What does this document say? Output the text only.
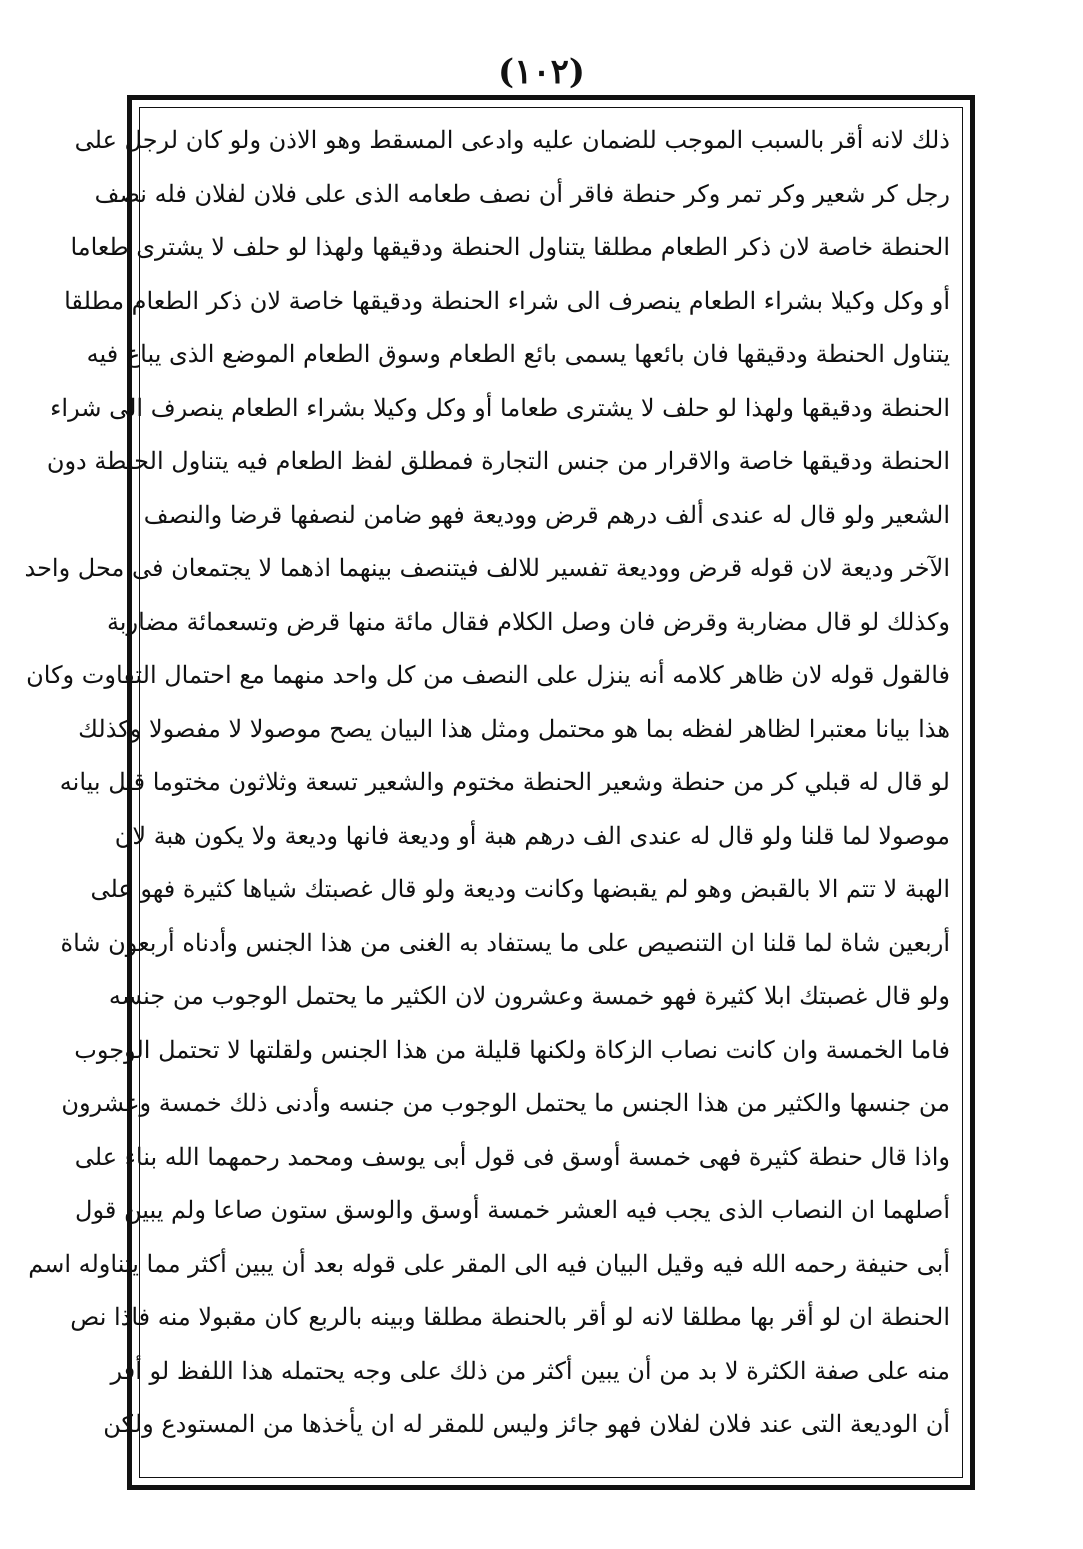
(١٠٢)
ذلك لانه أقر بالسبب الموجب للضمان عليه وادعى المسقط وهو الاذن ولو كان لرجل على
رجل كر شعير وكر تمر وكر حنطة فاقر أن نصف طعامه الذى على فلان لفلان فله نصف
الحنطة خاصة لان ذكر الطعام مطلقا يتناول الحنطة ودقيقها ولهذا لو حلف لا يشترى طعاما
أو وكل وكيلا بشراء الطعام ينصرف الى شراء الحنطة ودقيقها خاصة لان ذكر الطعام مطلقا
يتناول الحنطة ودقيقها فان بائعها يسمى بائع الطعام وسوق الطعام الموضع الذى يباع فيه
الحنطة ودقيقها ولهذا لو حلف لا يشترى طعاما أو وكل وكيلا بشراء الطعام ينصرف الى شراء
الحنطة ودقيقها خاصة والاقرار من جنس التجارة فمطلق لفظ الطعام فيه يتناول الحنطة دون
الشعير ولو قال له عندى ألف درهم قرض ووديعة فهو ضامن لنصفها قرضا والنصف
الآخر وديعة لان قوله قرض ووديعة تفسير للالف فيتنصف بينهما اذهما لا يجتمعان فى محل واحد
وكذلك لو قال مضاربة وقرض فان وصل الكلام فقال مائة منها قرض وتسعمائة مضاربة
فالقول قوله لان ظاهر كلامه أنه ينزل على النصف من كل واحد منهما مع احتمال التفاوت وكان
هذا بيانا معتبرا لظاهر لفظه بما هو محتمل ومثل هذا البيان يصح موصولا لا مفصولا وكذلك
لو قال له قبلي كر من حنطة وشعير الحنطة مختوم والشعير تسعة وثلاثون مختوما قبل بيانه
موصولا لما قلنا ولو قال له عندى الف درهم هبة أو وديعة فانها وديعة ولا يكون هبة لان
الهبة لا تتم الا بالقبض وهو لم يقبضها وكانت وديعة ولو قال غصبتك شياها كثيرة فهو على
أربعين شاة لما قلنا ان التنصيص على ما يستفاد به الغنى من هذا الجنس وأدناه أربعون شاة
ولو قال غصبتك ابلا كثيرة فهو خمسة وعشرون لان الكثير ما يحتمل الوجوب من جنسه
فاما الخمسة وان كانت نصاب الزكاة ولكنها قليلة من هذا الجنس ولقلتها لا تحتمل الوجوب
من جنسها والكثير من هذا الجنس ما يحتمل الوجوب من جنسه وأدنى ذلك خمسة وعشرون
واذا قال حنطة كثيرة فهى خمسة أوسق فى قول أبى يوسف ومحمد رحمهما الله بناء على
أصلهما ان النصاب الذى يجب فيه العشر خمسة أوسق والوسق ستون صاعا ولم يبين قول
أبى حنيفة رحمه الله فيه وقيل البيان فيه الى المقر على قوله بعد أن يبين أكثر مما يتناوله اسم
الحنطة ان لو أقر بها مطلقا لانه لو أقر بالحنطة مطلقا وبينه بالربع كان مقبولا منه فاذا نص
منه على صفة الكثرة لا بد من أن يبين أكثر من ذلك على وجه يحتمله هذا اللفظ لو أقر
أن الوديعة التى عند فلان لفلان فهو جائز وليس للمقر له ان يأخذها من المستودع ولكن
